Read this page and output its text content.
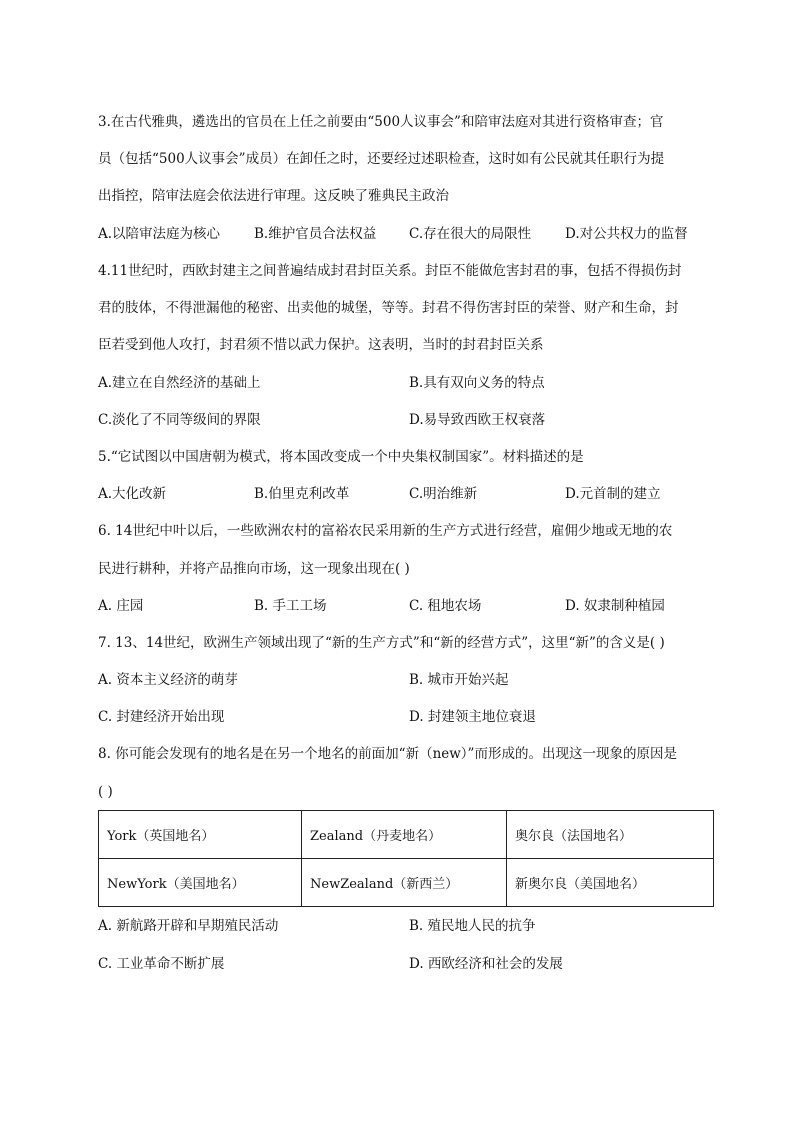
3.在古代雅典，遴选出的官员在上任之前要由“500人议事会”和陪审法庭对其进行资格审查；官
员（包括“500人议事会”成员）在卸任之时，还要经过述职检查，这时如有公民就其任职行为提
出指控，陪审法庭会依法进行审理。这反映了雅典民主政治
A.以陪审法庭为核心	B.维护官员合法权益 C.存在很大的局限性	D.对公共权力的监督
4.11世纪时，西欧封建主之间普遍结成封君封臣关系。封臣不能做危害封君的事，包括不得损伤封
君的肢体，不得泄漏他的秘密、出卖他的城堡，等等。封君不得伤害封臣的荣誉、财产和生命，封
臣若受到他人攻打，封君须不惜以武力保护。这表明，当时的封君封臣关系
A.建立在自然经济的基础上	B.具有双向义务的特点
C.淡化了不同等级间的界限	D.易导致西欧王权衰落
5.“它试图以中国唐朝为模式，将本国改变成一个中央集权制国家”。材料描述的是
A.大化改新	B.伯里克利改革	C.明治维新	D.元首制的建立
6. 14世纪中叶以后，一些欧洲农村的富裕农民采用新的生产方式进行经营，雇佣少地或无地的农
民进行耕种，并将产品推向市场，这一现象出现在( )
A. 庄园	B. 手工工场	C. 租地农场	D. 奴隶制种植园
7. 13、14世纪，欧洲生产领域出现了“新的生产方式”和“新的经营方式”，这里“新”的含义是( )
A. 资本主义经济的萌芽	B. 城市开始兴起
C. 封建经济开始出现	D. 封建领主地位衰退
8. 你可能会发现有的地名是在另一个地名的前面加“新（new）”而形成的。出现这一现象的原因是
( )
York（英国地名）	Zealand（丹麦地名）	奥尔良（法国地名）
NewYork（美国地名）	NewZealand（新西兰）	新奥尔良（美国地名）
A. 新航路开辟和早期殖民活动	B. 殖民地人民的抗争
C. 工业革命不断扩展	D. 西欧经济和社会的发展
